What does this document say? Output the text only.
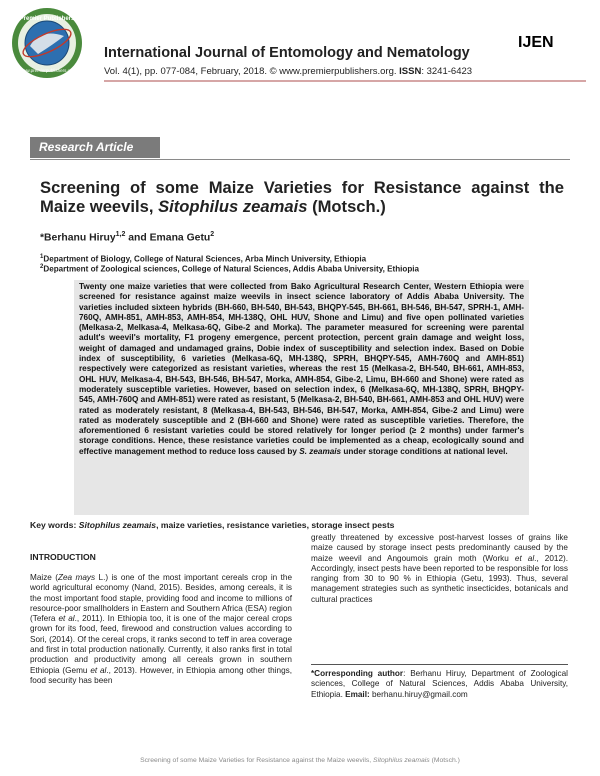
Premier Publishers
www.premierpublishers.org
International Journal of Entomology and Nematology
Vol. 4(1), pp. 077-084, February, 2018. © www.premierpublishers.org. ISSN: 3241-6423
IJEN
Research Article
Screening of some Maize Varieties for Resistance against the Maize weevils, Sitophilus zeamais (Motsch.)
*Berhanu Hiruy$^{1,2}$ and Emana Getu$^2$
$^1$Department of Biology, College of Natural Sciences, Arba Minch University, Ethiopia
$^2$Department of Zoological sciences, College of Natural Sciences, Addis Ababa University, Ethiopia
Twenty one maize varieties that were collected from Bako Agricultural Research Center, Western Ethiopia were screened for resistance against maize weevils in insect science laboratory of Addis Ababa University. The varieties included sixteen hybrids (BH-660, BH-540, BH-543, BHQPY-545, BH-661, BH-546, BH-547, SPRH-1, AMH-760Q, AMH-851, AMH-853, AMH-854, MH-138Q, OHL HUV, Shone and Limu) and five open pollinated varieties (Melkasa-2, Melkasa-4, Melkasa-6Q, Gibe-2 and Morka). The parameter measured for screening were parental adult's weevil's mortality, F1 progeny emergence, percent protection, percent grain damage and weight loss, weight of damaged and undamaged grains, Dobie index of susceptibility and selection index. Based on Dobie index of susceptibility, 6 varieties (Melkasa-6Q, MH-138Q, SPRH, BHQPY-545, AMH-760Q and AMH-851) respectively were categorized as resistant varieties, whereas the rest 15 (Melkasa-2, BH-540, BH-661, AMH-853, OHL HUV, Melkasa-4, BH-543, BH-546, BH-547, Morka, AMH-854, Gibe-2, Limu, BH-660 and Shone) were rated as moderately susceptible varieties. However, based on selection index, 6 (Melkasa-6Q, MH-138Q, SPRH, BHQPY-545, AMH-760Q and AMH-851) were rated as resistant, 5 (Melkasa-2, BH-540, BH-661, AMH-853 and OHL HUV) were rated as moderately resistant, 8 (Melkasa-4, BH-543, BH-546, BH-547, Morka, AMH-854, Gibe-2 and Limu) were rated as moderately susceptible and 2 (BH-660 and Shone) were rated as susceptible varieties. Therefore, the aforementioned 6 resistant varieties could be stored relatively for longer period (≥ 2 months) under farmer's storage conditions. Hence, these resistance varieties could be implemented as a cheap, ecologically sound and effective management method to reduce loss caused by S. zeamais under storage conditions at national level.
Key words: Sitophilus zeamais, maize varieties, resistance varieties, storage insect pests
INTRODUCTION
Maize (Zea mays L.) is one of the most important cereals crop in the world agricultural economy (Nand, 2015). Besides, among cereals, it is the most important food staple, providing food and income to millions of resource-poor smallholders in Eastern and Southern Africa (ESA) region (Tefera et al., 2011). In Ethiopia too, it is one of the major cereal crops grown for its food, feed, firewood and construction values according to Sori, (2014). Of the cereal crops, it ranks second to teff in area coverage and first in total production nationally. Currently, it also ranks first in total production and productivity among all cereals grown in southern Ethiopia (Gemu et al., 2013). However, in Ethiopia among other things, food security has been
greatly threatened by excessive post-harvest losses of grains like maize caused by storage insect pests predominantly caused by the maize weevil and Angoumois grain moth (Worku et al., 2012). Accordingly, insect pests have been reported to be responsible for loss ranging from 30 to 90 % in Ethiopia (Getu, 1993). Thus, several management strategies such as synthetic insecticides, botanicals and cultural practices
*Corresponding author: Berhanu Hiruy, Department of Zoological sciences, College of Natural Sciences, Addis Ababa University, Ethiopia. Email: berhanu.hiruy@gmail.com
Screening of some Maize Varieties for Resistance against the Maize weevils, Sitophilus zeamais (Motsch.)
